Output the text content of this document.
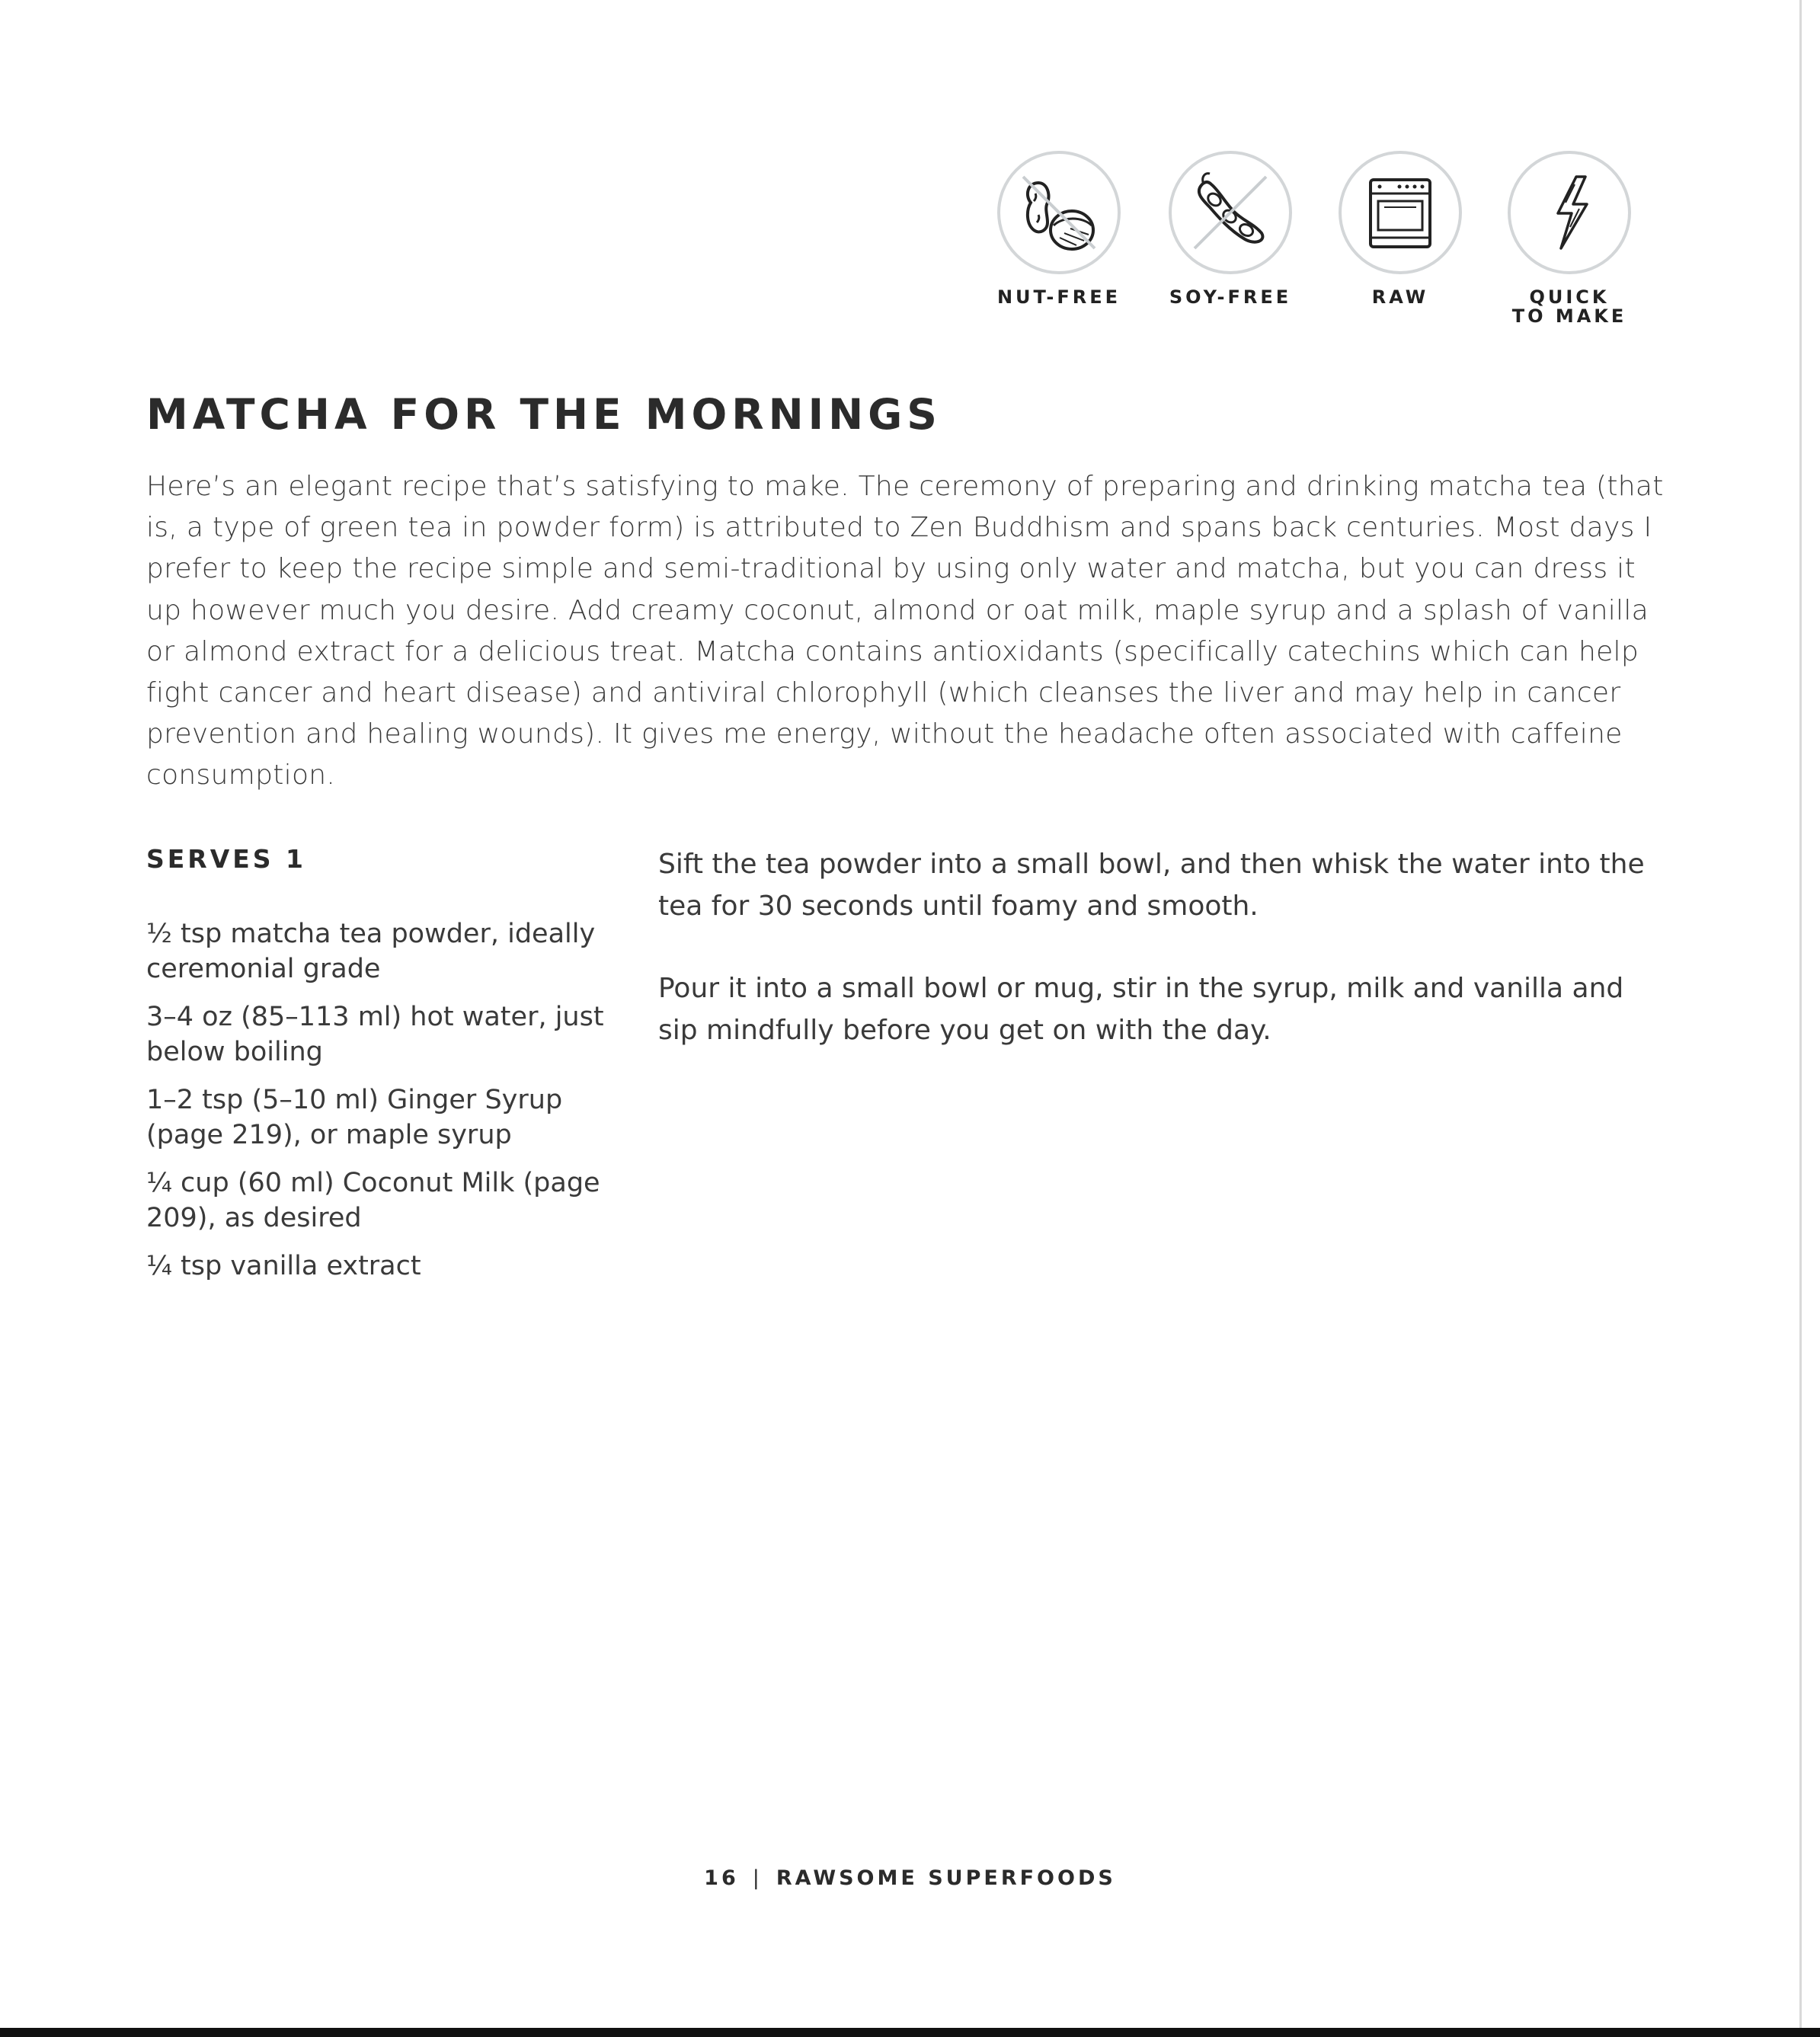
NUT-FREE	SOY-FREE	RAW	QUICK
TO MAKE
MATCHA FOR THE MORNINGS

Here’s an elegant recipe that’s satisfying to make. The ceremony of preparing and drinking matcha tea (that is, a type of green tea in powder form) is attributed to Zen Buddhism and spans back centuries. Most days I prefer to keep the recipe simple and semi-traditional by using only water and matcha, but you can dress it up however much you desire. Add creamy coconut, almond or oat milk, maple syrup and a splash of vanilla or almond extract for a delicious treat. Matcha contains antioxidants (specifically catechins which can help fight cancer and heart disease) and antiviral chlorophyll (which cleanses the liver and may help in cancer prevention and healing wounds). It gives me energy, without the headache often associated with caffeine consumption.

SERVES 1
½ tsp matcha tea powder, ideally ceremonial grade
3–4 oz (85–113 ml) hot water, just below boiling
1–2 tsp (5–10 ml) Ginger Syrup (page 219), or maple syrup
¼ cup (60 ml) Coconut Milk (page 209), as desired
¼ tsp vanilla extract

Sift the tea powder into a small bowl, and then whisk the water into the tea for 30 seconds until foamy and smooth.

Pour it into a small bowl or mug, stir in the syrup, milk and vanilla and sip mindfully before you get on with the day.

16 | RAWSOME SUPERFOODS
